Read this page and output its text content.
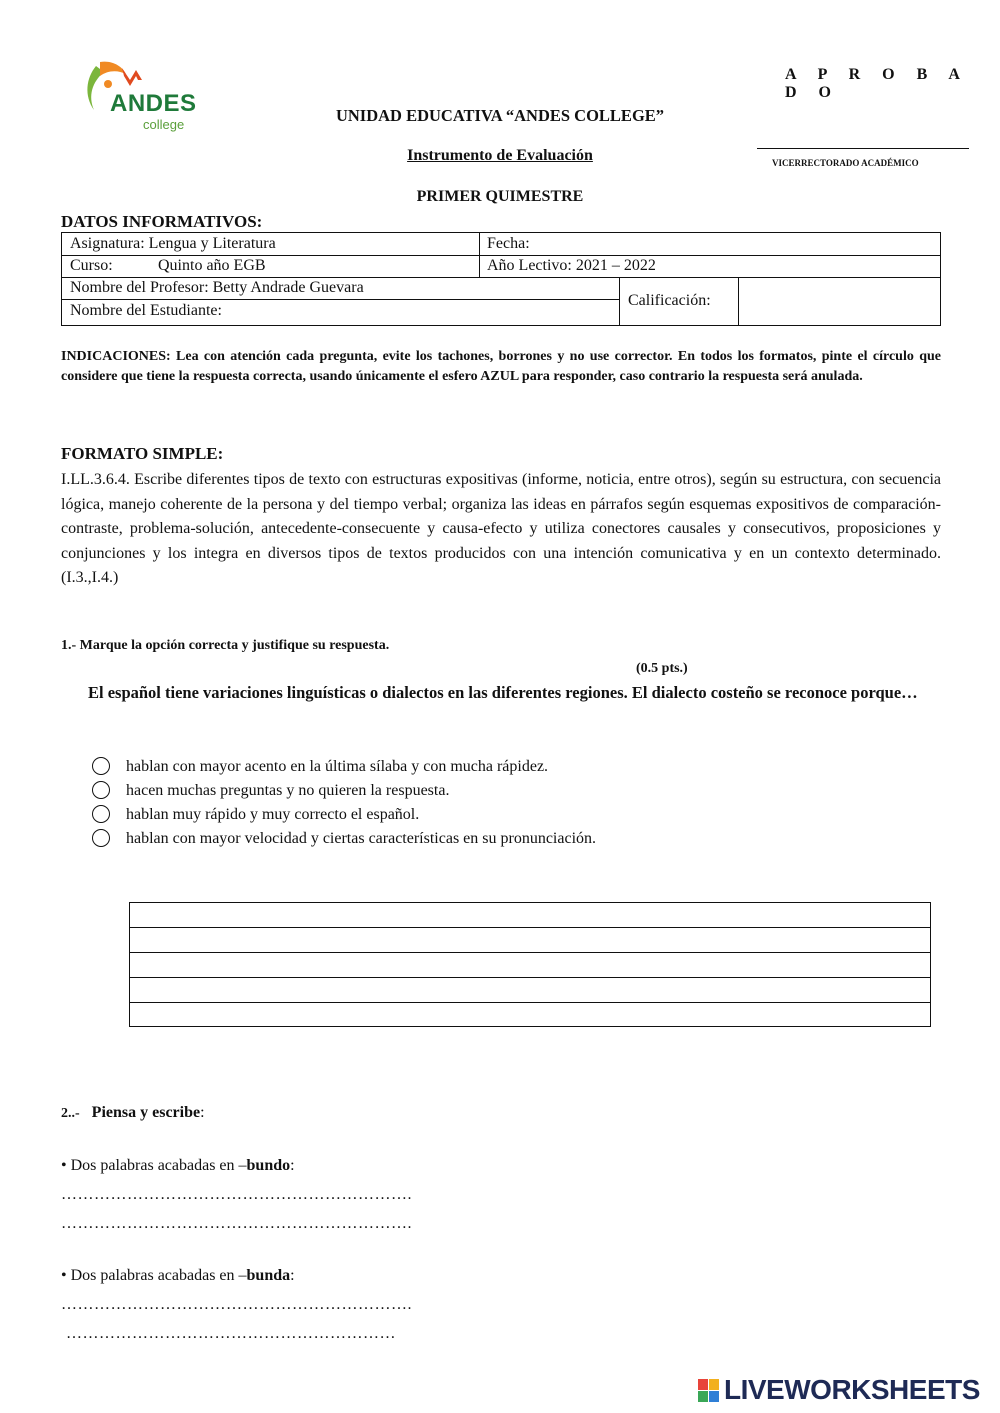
ANDES
college
A P R O B A D O
VICERRECTORADO ACADÉMICO
UNIDAD EDUCATIVA “ANDES COLLEGE”
Instrumento de Evaluación
PRIMER QUIMESTRE
DATOS INFORMATIVOS:
Asignatura: Lengua y Literatura	Fecha:
Curso:	Quinto año EGB	Año Lectivo: 2021 – 2022
Nombre del Profesor: Betty Andrade Guevara
Nombre del Estudiante:
Calificación:
INDICACIONES: Lea con atención cada pregunta, evite los tachones, borrones y no use corrector. En todos los formatos, pinte el círculo que considere que tiene la respuesta correcta, usando únicamente el esfero AZUL para responder, caso contrario la respuesta será anulada.
FORMATO SIMPLE:
I.LL.3.6.4. Escribe diferentes tipos de texto con estructuras expositivas (informe, noticia, entre otros), según su estructura, con secuencia lógica, manejo coherente de la persona y del tiempo verbal; organiza las ideas en párrafos según esquemas expositivos de comparación-contraste, problema-solución, antecedente-consecuente y causa-efecto y utiliza conectores causales y consecutivos, proposiciones y conjunciones y los integra en diversos tipos de textos producidos con una intención comunicativa y en un contexto determinado. (I.3.,I.4.)
1.- Marque la opción correcta y justifique su respuesta.
(0.5 pts.)
El español tiene variaciones linguísticas o dialectos en las diferentes regiones. El dialecto costeño se reconoce porque…
hablan con mayor acento en la última sílaba y con mucha rápidez.
hacen muchas preguntas y no quieren la respuesta.
hablan muy rápido y muy correcto el español.
hablan con mayor velocidad y ciertas características en su pronunciación.
2..- Piensa y escribe:
• Dos palabras acabadas en –bundo:
……………………………………………………….
……………………………………………………….
• Dos palabras acabadas en –bunda:
……………………………………………………….
……………………………………………………
LIVEWORKSHEETS
